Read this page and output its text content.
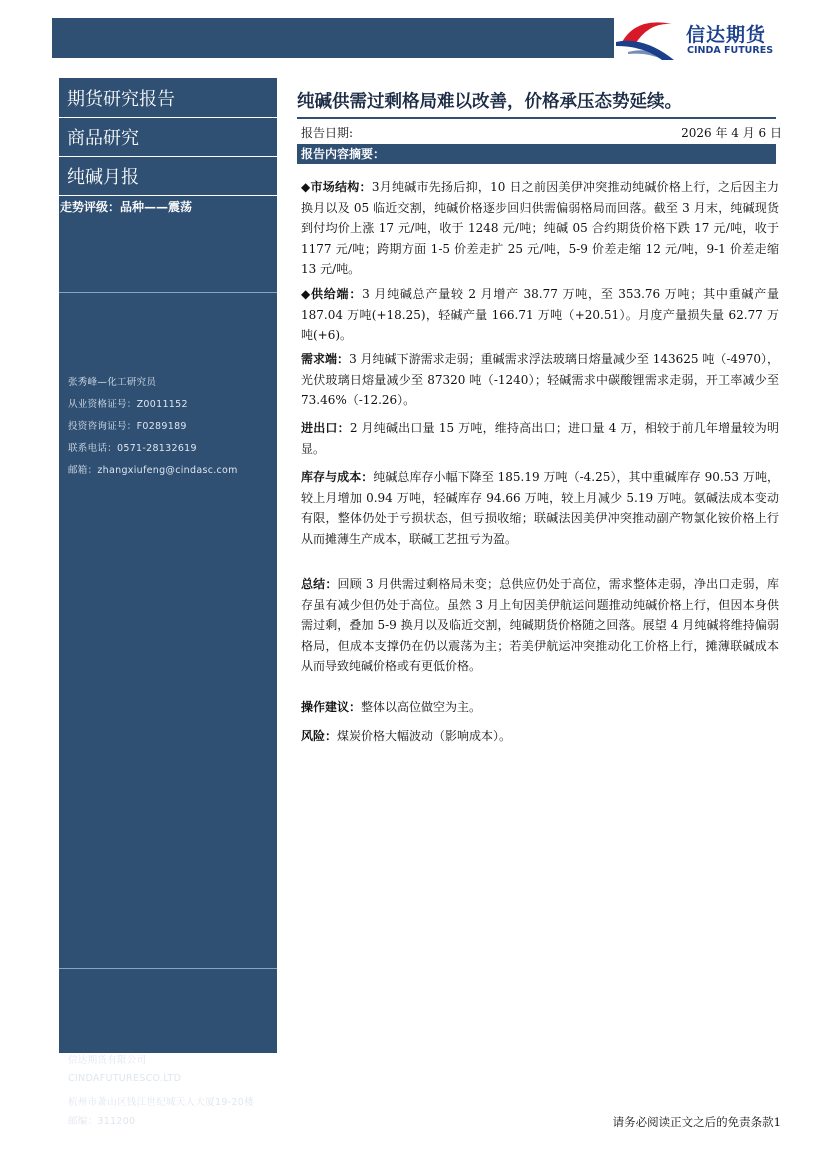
信达期货
CINDA FUTURES
期货研究报告
商品研究
纯碱月报
走势评级：品种——震荡
张秀峰—化工研究员
从业资格证号：Z0011152
投资咨询证号：F0289189
联系电话：0571-28132619
邮箱：zhangxiufeng@cindasc.com
信达期货有限公司
CINDAFUTURESCO.LTD
杭州市萧山区钱江世纪城天人大厦19-20楼
邮编：311200
纯碱供需过剩格局难以改善，价格承压态势延续。
报告日期:	2026 年 4 月 6 日
报告内容摘要：
◆市场结构：3月纯碱市先扬后抑，10 日之前因美伊冲突推动纯碱价格上行，之后因主力换月以及 05 临近交割，纯碱价格逐步回归供需偏弱格局而回落。截至 3 月末，纯碱现货到付均价上涨 17 元/吨，收于 1248 元/吨；纯碱 05 合约期货价格下跌 17 元/吨，收于 1177 元/吨；跨期方面 1-5 价差走扩 25 元/吨，5-9 价差走缩 12 元/吨，9-1 价差走缩 13 元/吨。
◆供给端：3 月纯碱总产量较 2 月增产 38.77 万吨，至 353.76 万吨；其中重碱产量 187.04 万吨(+18.25)，轻碱产量 166.71 万吨（+20.51）。月度产量损失量 62.77 万吨(+6)。
需求端：3 月纯碱下游需求走弱；重碱需求浮法玻璃日熔量减少至 143625 吨（-4970），光伏玻璃日熔量减少至 87320 吨（-1240）；轻碱需求中碳酸锂需求走弱，开工率减少至 73.46%（-12.26）。
进出口：2 月纯碱出口量 15 万吨，维持高出口；进口量 4 万，相较于前几年增量较为明显。
库存与成本：纯碱总库存小幅下降至 185.19 万吨（-4.25），其中重碱库存 90.53 万吨，较上月增加 0.94 万吨，轻碱库存 94.66 万吨，较上月减少 5.19 万吨。氨碱法成本变动有限，整体仍处于亏损状态，但亏损收缩；联碱法因美伊冲突推动副产物氯化铵价格上行从而摊薄生产成本，联碱工艺扭亏为盈。
总结：回顾 3 月供需过剩格局未变；总供应仍处于高位，需求整体走弱，净出口走弱，库存虽有减少但仍处于高位。虽然 3 月上旬因美伊航运问题推动纯碱价格上行，但因本身供需过剩，叠加 5-9 换月以及临近交割，纯碱期货价格随之回落。展望 4 月纯碱将维持偏弱格局，但成本支撑仍在仍以震荡为主；若美伊航运冲突推动化工价格上行，摊薄联碱成本从而导致纯碱价格或有更低价格。
操作建议：整体以高位做空为主。
风险：煤炭价格大幅波动（影响成本）。
请务必阅读正文之后的免责条款1
